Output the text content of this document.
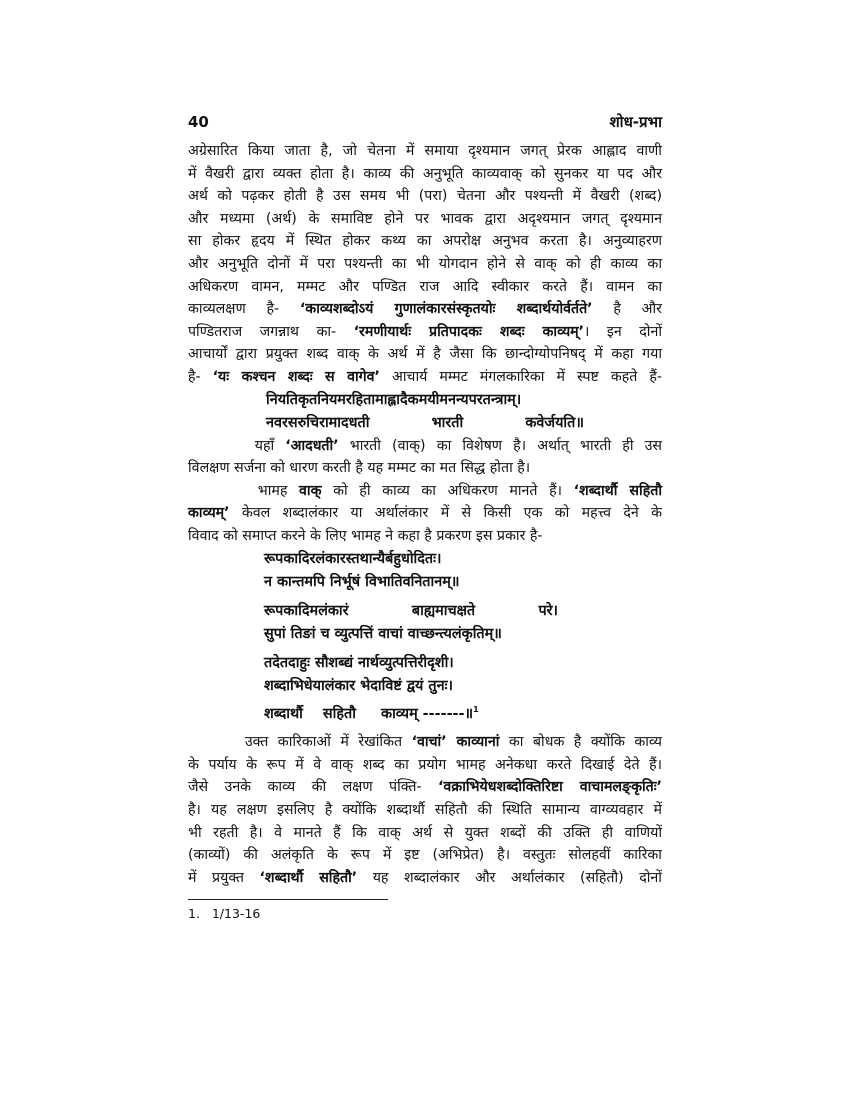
40	शोध-प्रभा
अग्रेसारित किया जाता है, जो चेतना में समाया दृश्यमान जगत् प्रेरक आह्लाद वाणी
में वैखरी द्वारा व्यक्त होता है। काव्य की अनुभूति काव्यवाक् को सुनकर या पद और
अर्थ को पढ़कर होती है उस समय भी (परा) चेतना और पश्यन्ती में वैखरी (शब्द)
और मध्यमा (अर्थ) के समाविष्ट होने पर भावक द्वारा अदृश्यमान जगत् दृश्यमान
सा होकर हृदय में स्थित होकर कथ्य का अपरोक्ष अनुभव करता है। अनुव्याहरण
और अनुभूति दोनों में परा पश्यन्ती का भी योगदान होने से वाक् को ही काव्य का
अधिकरण वामन, मम्मट और पण्डित राज आदि स्वीकार करते हैं। वामन का
काव्यलक्षण है- ‘काव्यशब्दोऽयं गुणालंकारसंस्कृतयोः शब्दार्थयोर्वर्तते’ है और
पण्डितराज जगन्नाथ का- ‘रमणीयार्थः प्रतिपादकः शब्दः काव्यम्’। इन दोनों
आचार्यों द्वारा प्रयुक्त शब्द वाक् के अर्थ में है जैसा कि छान्दोग्योपनिषद् में कहा गया
है- ‘यः कश्चन शब्दः स वागेव’ आचार्य मम्मट मंगलकारिका में स्पष्ट कहते हैं-

नियतिकृतनियमरहितामाह्लादैकमयीमनन्यपरतन्त्राम्।

नवरसरुचिरामादधती	भारती	कवेर्जयति॥

यहाँ ‘आदधती’ भारती (वाक्) का विशेषण है। अर्थात् भारती ही उस
विलक्षण सर्जना को धारण करती है यह मम्मट का मत सिद्ध होता है।
भामह वाक् को ही काव्य का अधिकरण मानते हैं। ‘शब्दार्थौ सहितौ
काव्यम्’ केवल शब्दालंकार या अर्थालंकार में से किसी एक को महत्त्व देने के
विवाद को समाप्त करने के लिए भामह ने कहा है प्रकरण इस प्रकार है-

रूपकादिरलंकारस्तथान्यैर्बहुधोदितः।

न कान्तमपि निर्भूषं विभातिवनितानम्॥

रूपकादिमलंकारं	बाह्यमाचक्षते	परे।

सुपां तिङां च व्युत्पत्तिं वाचां वाच्छन्त्यलंकृतिम्॥

तदेतदाहुः सौशब्द्यं नार्थव्युत्पत्तिरीदृशी।

शब्दाभिधेयालंकार भेदाविष्टं द्वयं तुनः।

शब्दार्थौ सहितौ काव्यम् -------॥$^1$

उक्त कारिकाओं में रेखांकित ‘वाचां’ काव्यानां का बोधक है क्योंकि काव्य
के पर्याय के रूप में वे वाक् शब्द का प्रयोग भामह अनेकधा करते दिखाई देते हैं।
जैसे उनके काव्य की लक्षण पंक्ति- ‘वक्राभियेधशब्दोक्तिरिष्टा वाचामलङ्कृतिः’
है। यह लक्षण इसलिए है क्योंकि शब्दार्थौ सहितौ की स्थिति सामान्य वाग्व्यवहार में
भी रहती है। वे मानते हैं कि वाक् अर्थ से युक्त शब्दों की उक्ति ही वाणियों
(काव्यों) की अलंकृति के रूप में इष्ट (अभिप्रेत) है। वस्तुतः सोलहवीं कारिका
में प्रयुक्त ‘शब्दार्थौ सहितौ’ यह शब्दालंकार और अर्थालंकार (सहितौ) दोनों
1. 1/13-16
